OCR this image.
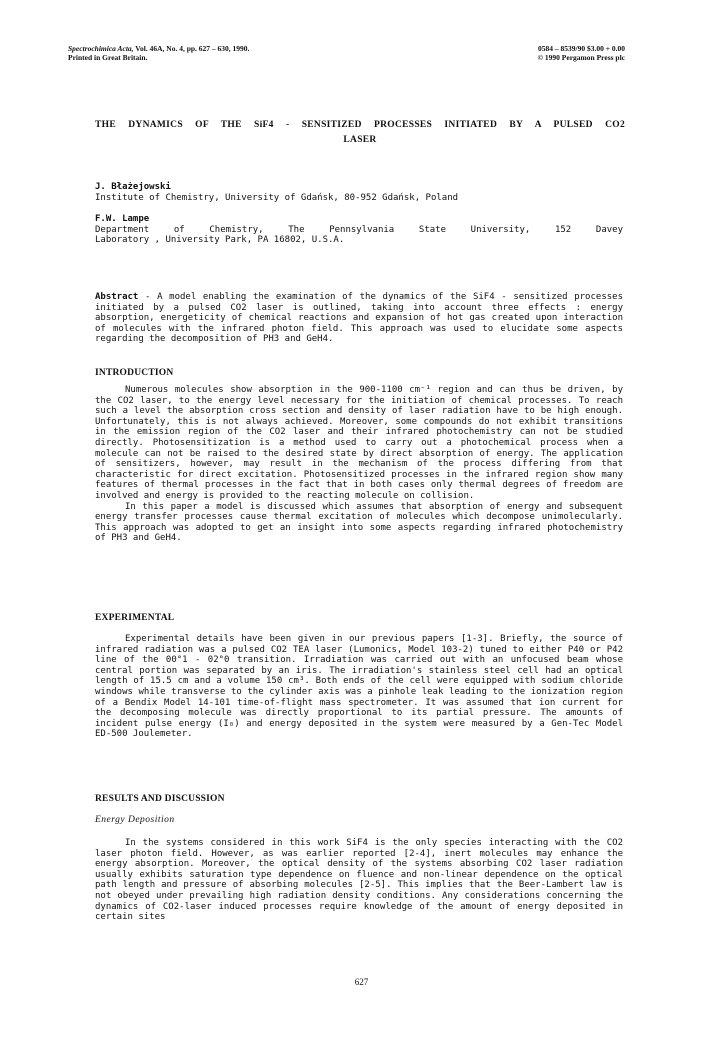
Spectrochimica Acta, Vol. 46A, No. 4, pp. 627 – 630, 1990.
Printed in Great Britain.
0584 – 8539/90 $3.00 + 0.00
© 1990 Pergamon Press plc
THE DYNAMICS OF THE SiF4 - SENSITIZED PROCESSES INITIATED BY A PULSED CO2
LASER
J. Błażejowski
Institute of Chemistry, University of Gdańsk, 80-952 Gdańsk, Poland
F.W. Lampe

Department of Chemistry, The Pennsylvania State University, 152 Davey

Laboratory , University Park, PA 16802, U.S.A.

Abstract - A model enabling the examination of the dynamics of the SiF4 - sensitized processes initiated by a pulsed CO2 laser is outlined, taking into account three effects : energy absorption, energeticity of chemical reactions and expansion of hot gas created upon interaction of molecules with the infrared photon field. This approach was used to elucidate some aspects regarding the decomposition of PH3 and GeH4.

INTRODUCTION

Numerous molecules show absorption in the 900-1100 cm⁻¹ region and can thus be driven, by the CO2 laser, to the energy level necessary for the initiation of chemical processes. To reach such a level the absorption cross section and density of laser radiation have to be high enough. Unfortunately, this is not always achieved. Moreover, some compounds do not exhibit transitions in the emission region of the CO2 laser and their infrared photochemistry can not be studied directly. Photosensitization is a method used to carry out a photochemical process when a molecule can not be raised to the desired state by direct absorption of energy. The application of sensitizers, however, may result in the mechanism of the process differing from that characteristic for direct excitation. Photosensitized processes in the infrared region show many features of thermal processes in the fact that in both cases only thermal degrees of freedom are involved and energy is provided to the reacting molecule on collision.

In this paper a model is discussed which assumes that absorption of energy and subsequent energy transfer processes cause thermal excitation of molecules which decompose unimolecularly. This approach was adopted to get an insight into some aspects regarding infrared photochemistry of PH3 and GeH4.

EXPERIMENTAL

Experimental details have been given in our previous papers [1-3]. Briefly, the source of infrared radiation was a pulsed CO2 TEA laser (Lumonics, Model 103-2) tuned to either P40 or P42 line of the 00°1 - 02°0 transition. Irradiation was carried out with an unfocused beam whose central portion was separated by an iris. The irradiation's stainless steel cell had an optical length of 15.5 cm and a volume 150 cm³. Both ends of the cell were equipped with sodium chloride windows while transverse to the cylinder axis was a pinhole leak leading to the ionization region of a Bendix Model 14-101 time-of-flight mass spectrometer. It was assumed that ion current for the decomposing molecule was directly proportional to its partial pressure. The amounts of incident pulse energy (I₀) and energy deposited in the system were measured by a Gen-Tec Model ED-500 Joulemeter.

RESULTS AND DISCUSSION
Energy Deposition

In the systems considered in this work SiF4 is the only species interacting with the CO2 laser photon field. However, as was earlier reported [2-4], inert molecules may enhance the energy absorption. Moreover, the optical density of the systems absorbing CO2 laser radiation usually exhibits saturation type dependence on fluence and non-linear dependence on the optical path length and pressure of absorbing molecules [2-5]. This implies that the Beer-Lambert law is not obeyed under prevailing high radiation density conditions. Any considerations concerning the dynamics of CO2-laser induced processes require knowledge of the amount of energy deposited in certain sites

627
